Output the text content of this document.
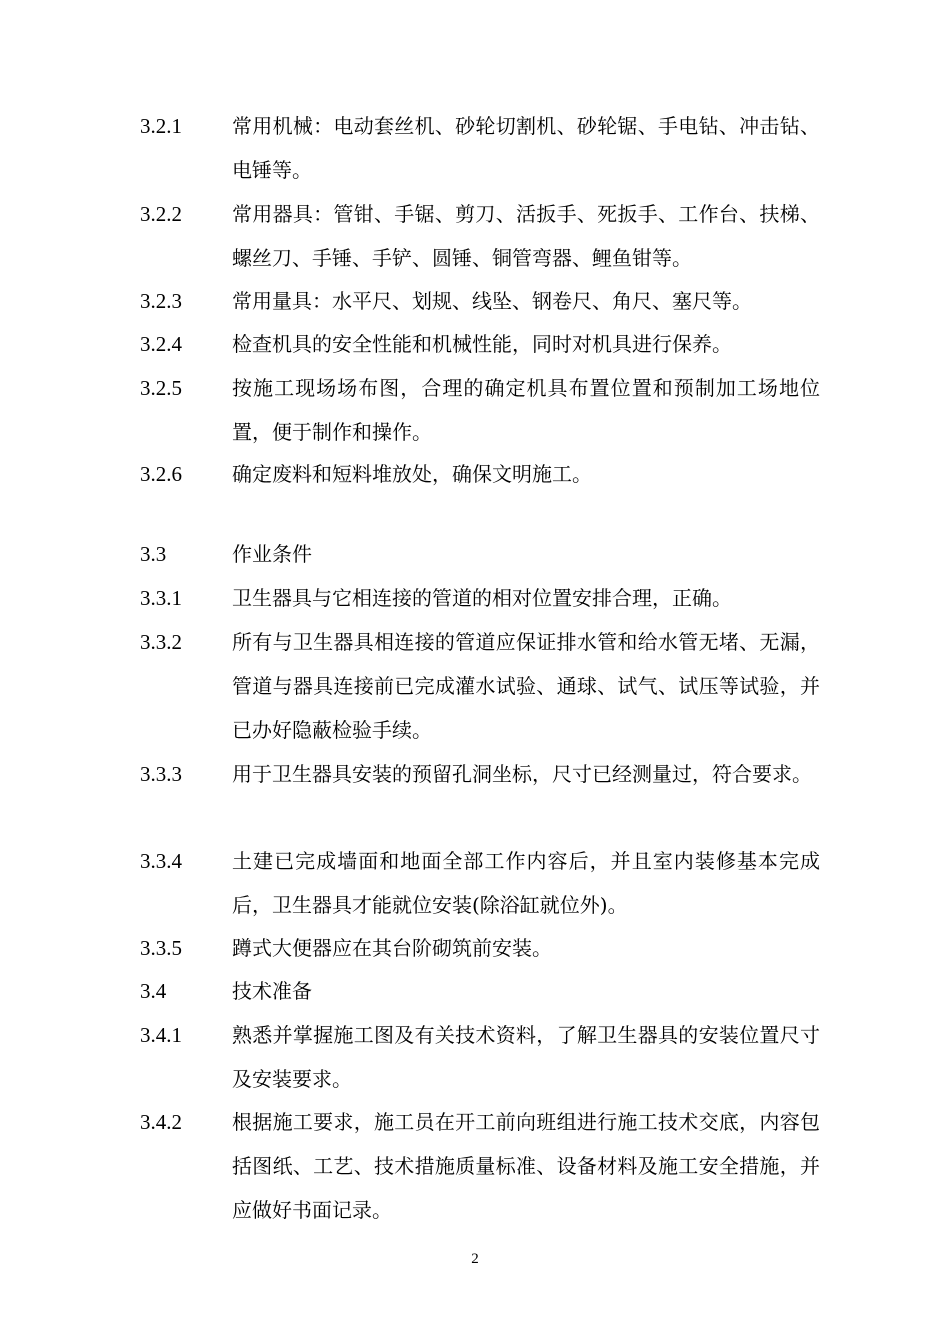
3.2.1	常用机械：电动套丝机、砂轮切割机、砂轮锯、手电钻、冲击钻、电锤等。
3.2.2	常用器具：管钳、手锯、剪刀、活扳手、死扳手、工作台、扶梯、螺丝刀、手锤、手铲、圆锤、铜管弯器、鲤鱼钳等。
3.2.3	常用量具：水平尺、划规、线坠、钢卷尺、角尺、塞尺等。
3.2.4	检查机具的安全性能和机械性能，同时对机具进行保养。
3.2.5	按施工现场场布图，合理的确定机具布置位置和预制加工场地位置，便于制作和操作。
3.2.6	确定废料和短料堆放处，确保文明施工。
3.3	作业条件
3.3.1	卫生器具与它相连接的管道的相对位置安排合理，正确。
3.3.2	所有与卫生器具相连接的管道应保证排水管和给水管无堵、无漏，管道与器具连接前已完成灌水试验、通球、试气、试压等试验，并已办好隐蔽检验手续。
3.3.3	用于卫生器具安装的预留孔洞坐标，尺寸已经测量过，符合要求。
3.3.4	土建已完成墙面和地面全部工作内容后，并且室内装修基本完成后，卫生器具才能就位安装(除浴缸就位外)。
3.3.5	蹲式大便器应在其台阶砌筑前安装。
3.4	技术准备
3.4.1	熟悉并掌握施工图及有关技术资料，了解卫生器具的安装位置尺寸及安装要求。
3.4.2	根据施工要求，施工员在开工前向班组进行施工技术交底，内容包括图纸、工艺、技术措施质量标准、设备材料及施工安全措施，并应做好书面记录。
2
